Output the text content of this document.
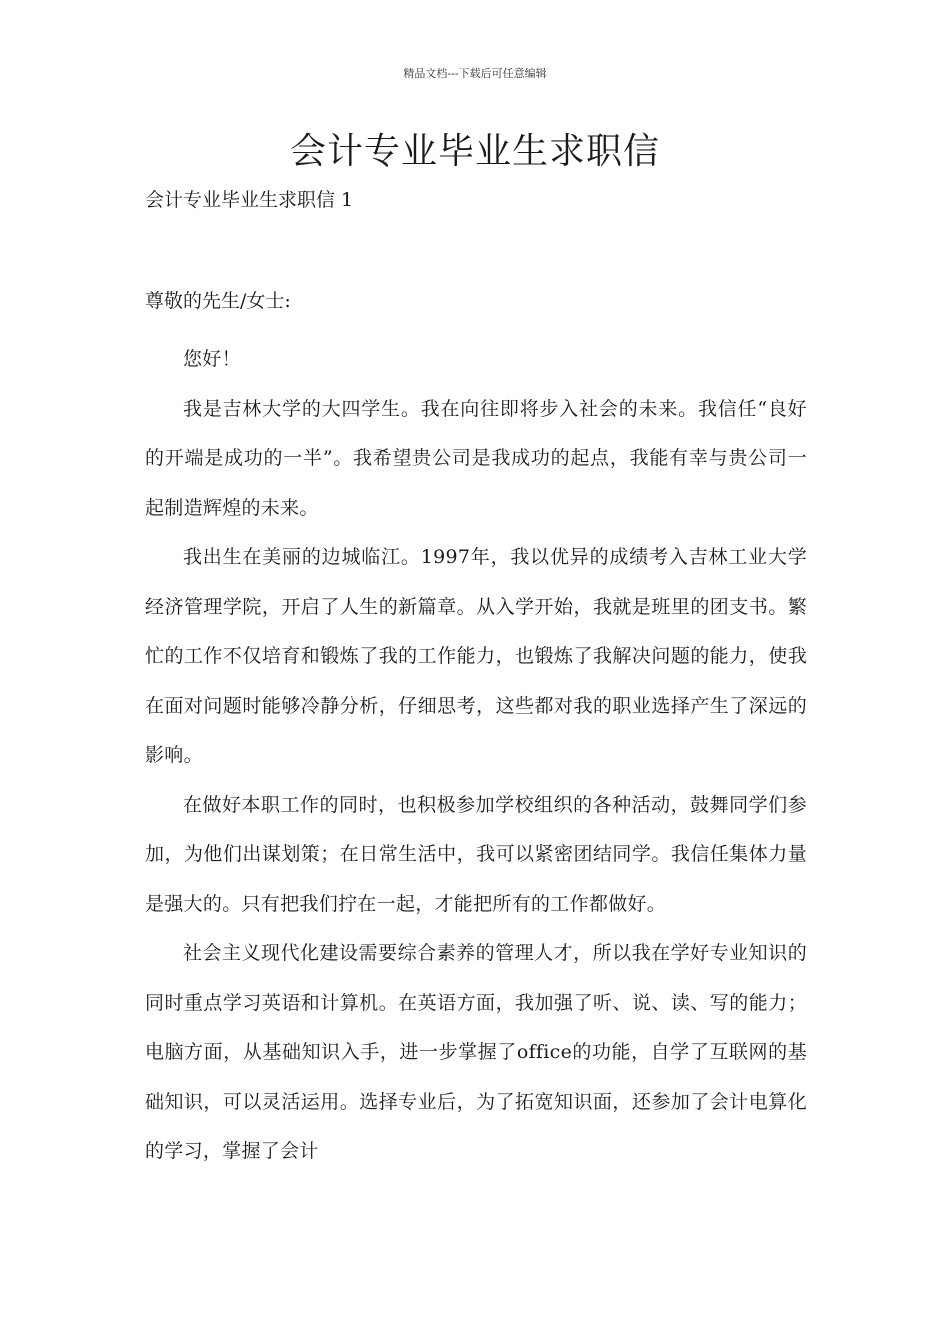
精品文档---下载后可任意编辑
会计专业毕业生求职信

会计专业毕业生求职信 1

尊敬的先生/女士:

您好！

我是吉林大学的大四学生。我在向往即将步入社会的未来。我信任“良好的开端是成功的一半”。我希望贵公司是我成功的起点，我能有幸与贵公司一起制造辉煌的未来。

我出生在美丽的边城临江。1997年，我以优异的成绩考入吉林工业大学经济管理学院，开启了人生的新篇章。从入学开始，我就是班里的团支书。繁忙的工作不仅培育和锻炼了我的工作能力，也锻炼了我解决问题的能力，使我在面对问题时能够冷静分析，仔细思考，这些都对我的职业选择产生了深远的影响。

在做好本职工作的同时，也积极参加学校组织的各种活动，鼓舞同学们参加，为他们出谋划策；在日常生活中，我可以紧密团结同学。我信任集体力量是强大的。只有把我们拧在一起，才能把所有的工作都做好。

社会主义现代化建设需要综合素养的管理人才，所以我在学好专业知识的同时重点学习英语和计算机。在英语方面，我加强了听、说、读、写的能力；电脑方面，从基础知识入手，进一步掌握了office的功能，自学了互联网的基础知识，可以灵活运用。选择专业后，为了拓宽知识面，还参加了会计电算化的学习，掌握了会计
